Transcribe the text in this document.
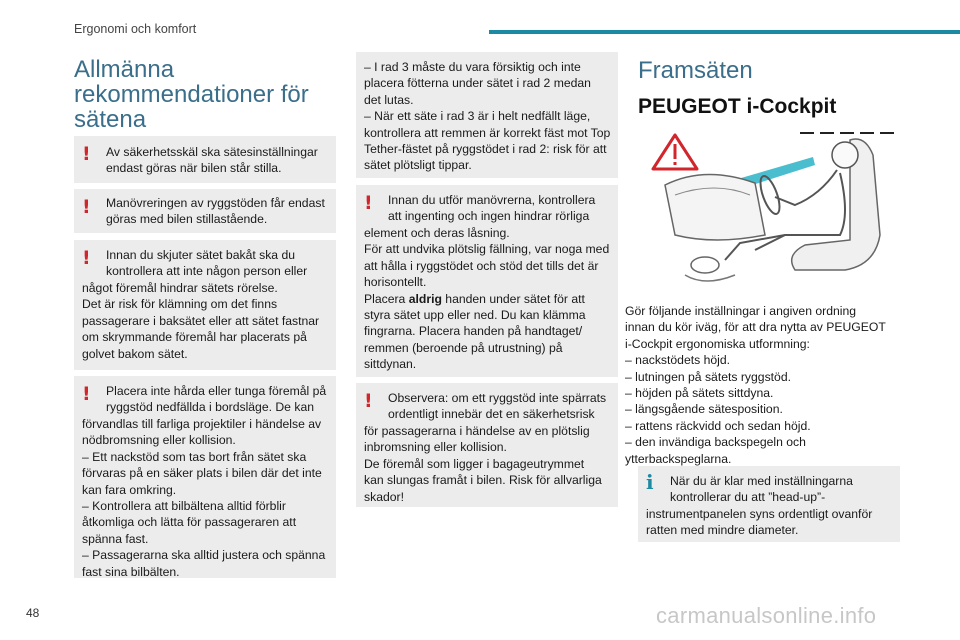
Ergonomi och komfort
Allmänna
rekommendationer för
sätena
! Av säkerhetsskäl ska sätesinställningar

endast göras när bilen står stilla.

! Manövreringen av ryggstöden får endast

göras med bilen stillastående.

! Innan du skjuter sätet bakåt ska du

kontrollera att inte någon person eller

något föremål hindrar sätets rörelse.

Det är risk för klämning om det finns

passagerare i baksätet eller att sätet fastnar

om skrymmande föremål har placerats på

golvet bakom sätet.

! Placera inte hårda eller tunga föremål på

ryggstöd nedfällda i bordsläge. De kan

förvandlas till farliga projektiler i händelse av

nödbromsning eller kollision.

– Ett nackstöd som tas bort från sätet ska

förvaras på en säker plats i bilen där det inte

kan fara omkring.

– Kontrollera att bilbältena alltid förblir

åtkomliga och lätta för passageraren att

spänna fast.

– Passagerarna ska alltid justera och spänna

fast sina bilbälten.

– I rad 3 måste du vara försiktig och inte

placera fötterna under sätet i rad 2 medan

det lutas.

– När ett säte i rad 3 är i helt nedfällt läge,

kontrollera att remmen är korrekt fäst mot Top

Tether-fästet på ryggstödet i rad 2: risk för att

sätet plötsligt tippar.

! Innan du utför manövrerna, kontrollera

att ingenting och ingen hindrar rörliga

element och deras låsning.

För att undvika plötslig fällning, var noga med

att hålla i ryggstödet och stöd det tills det är

horisontellt.

Placera aldrig handen under sätet för att

styra sätet upp eller ned. Du kan klämma

fingrarna. Placera handen på handtaget/

remmen (beroende på utrustning) på

sittdynan.

! Observera: om ett ryggstöd inte spärrats

ordentligt innebär det en säkerhetsrisk

för passagerarna i händelse av en plötslig

inbromsning eller kollision.

De föremål som ligger i bagageutrymmet

kan slungas framåt i bilen. Risk för allvarliga

skador!

Framsäten
PEUGEOT i-Cockpit
Gör följande inställningar i angiven ordning
innan du kör iväg, för att dra nytta av PEUGEOT
i-Cockpit ergonomiska utformning:
– nackstödets höjd.
– lutningen på sätets ryggstöd.
– höjden på sätets sittdyna.
– längsgående sätesposition.
– rattens räckvidd och sedan höjd.
– den invändiga backspegeln och
ytterbackspeglarna.
i När du är klar med inställningarna

kontrollerar du att ”head-up”-

instrumentpanelen syns ordentligt ovanför

ratten med mindre diameter.

48	carmanualsonline.info
